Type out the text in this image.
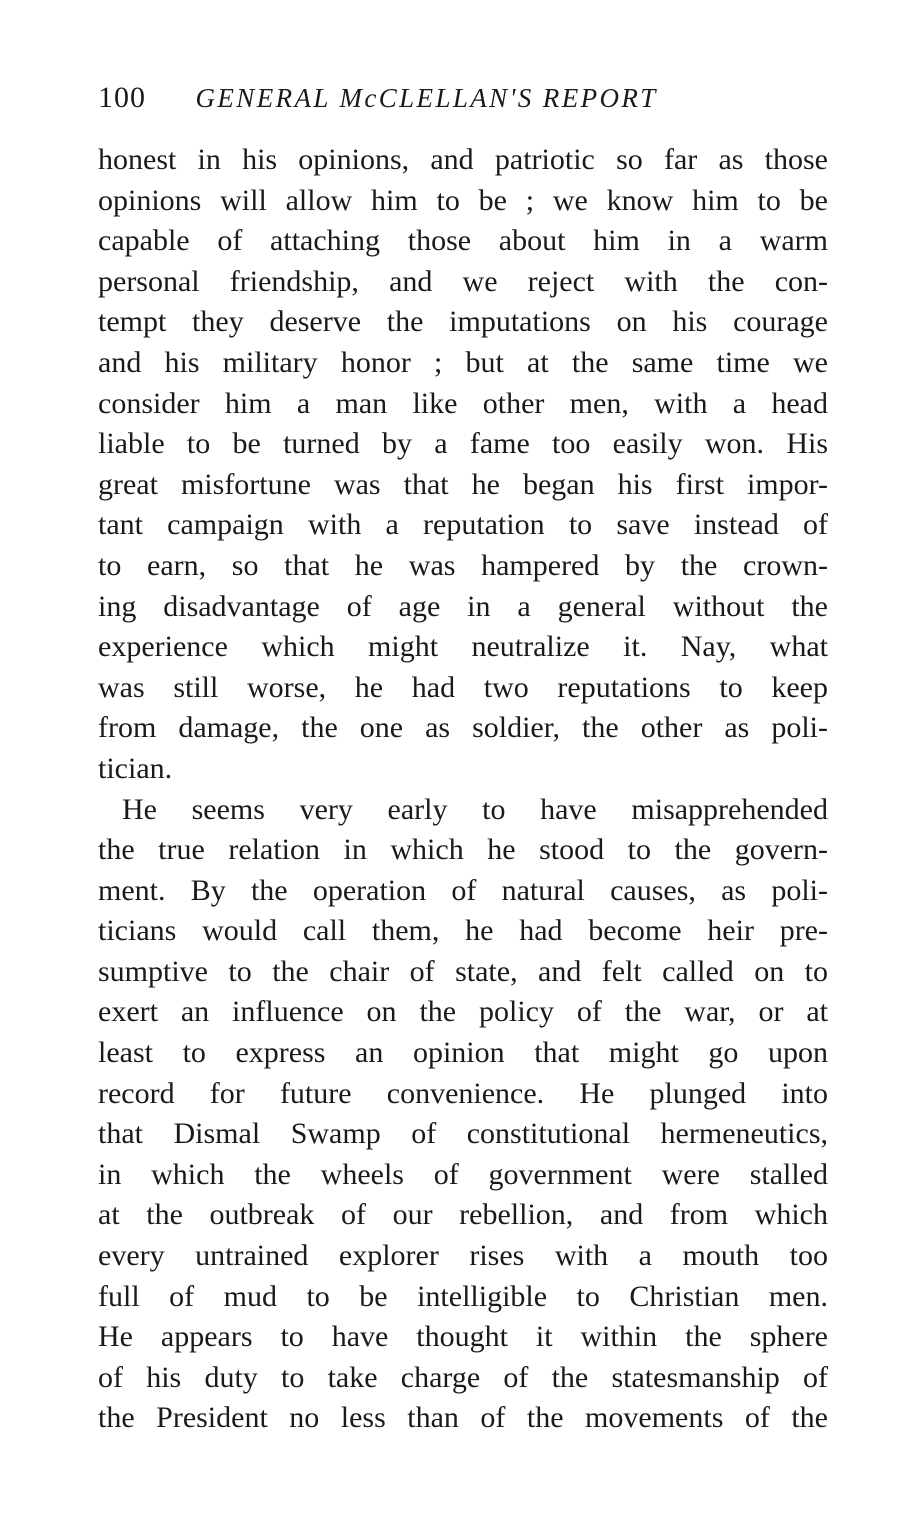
100 GENERAL McCLELLAN'S REPORT
honest in his opinions, and patriotic so far as those
opinions will allow him to be ; we know him to be
capable of attaching those about him in a warm
personal friendship, and we reject with the con-
tempt they deserve the imputations on his courage
and his military honor ; but at the same time we
consider him a man like other men, with a head
liable to be turned by a fame too easily won. His
great misfortune was that he began his first impor-
tant campaign with a reputation to save instead of
to earn, so that he was hampered by the crown-
ing disadvantage of age in a general without the
experience which might neutralize it. Nay, what
was still worse, he had two reputations to keep
from damage, the one as soldier, the other as poli-
tician.
He seems very early to have misapprehended
the true relation in which he stood to the govern-
ment. By the operation of natural causes, as poli-
ticians would call them, he had become heir pre-
sumptive to the chair of state, and felt called on to
exert an influence on the policy of the war, or at
least to express an opinion that might go upon
record for future convenience. He plunged into
that Dismal Swamp of constitutional hermeneutics,
in which the wheels of government were stalled
at the outbreak of our rebellion, and from which
every untrained explorer rises with a mouth too
full of mud to be intelligible to Christian men.
He appears to have thought it within the sphere
of his duty to take charge of the statesmanship of
the President no less than of the movements of the
